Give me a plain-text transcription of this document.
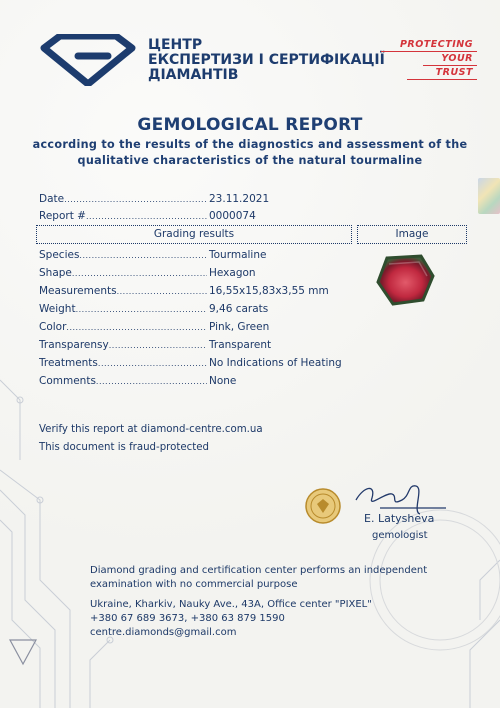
ЦЕНТР
ЕКСПЕРТИЗИ І СЕРТИФІКАЦІЇ
ДІАМАНТІВ
PROTECTING
YOUR
TRUST
GEMOLOGICAL REPORT
according to the results of the diagnostics and assessment of the
qualitative characteristics of the natural tourmaline
Date .....	23.11.2021
Report # .....	0000074
Grading results	Image
Species .....	Tourmaline
Shape .....	Hexagon
Measurements .....	16,55x15,83x3,55 mm
Weight .....	9,46 carats
Color .....	Pink, Green
Transparensy .....	Transparent
Treatments .....	No Indications of Heating
Comments .....	None
Verify this report at diamond-centre.com.ua
This document is fraud-protected
E. Latysheva
gemologist
Diamond grading and certification center performs an independent
examination with no commercial purpose
Ukraine, Kharkiv, Nauky Ave., 43A, Office center "PIXEL"
+380 67 689 3673, +380 63 879 1590
centre.diamonds@gmail.com
